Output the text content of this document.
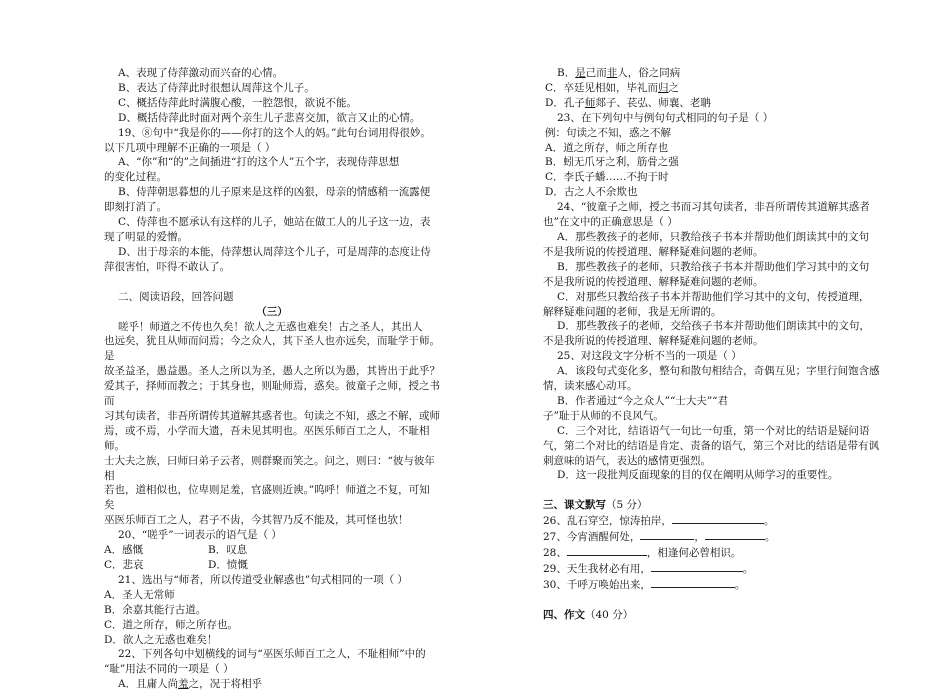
A、表现了侍萍激动而兴奋的心情。

B、表达了侍萍此时很想认周萍这个儿子。

C、概括侍萍此时满腹心酸，一腔怨恨，欲说不能。

D、概括侍萍此时面对两个亲生儿子悲喜交加，欲言又止的心情。

19、⑧句中“我是你的——你打的这个人的妈。”此句台词用得很妙。

以下几项中理解不正确的一项是（ ）

A、“你”和“的”之间插进“打的这个人”五个字，表现侍萍思想

的变化过程。

B、侍萍朝思暮想的儿子原来是这样的凶狠，母亲的情感稍一流露便

即刻打消了。

C、侍萍也不愿承认有这样的儿子，她站在做工人的儿子这一边，表

现了明显的爱憎。

D、出于母亲的本能，侍萍想认周萍这个儿子，可是周萍的态度让侍

萍很害怕，吓得不敢认了。

二、阅读语段，回答问题

（三）

嗟乎！师道之不传也久矣！欲人之无惑也难矣！古之圣人，其出人

也远矣，犹且从师而问焉；今之众人，其下圣人也亦远矣，而耻学于师。是

故圣益圣，愚益愚。圣人之所以为圣，愚人之所以为愚，其皆出于此乎？

爱其子，择师而教之；于其身也，则耻师焉，惑矣。彼童子之师，授之书而

习其句读者，非吾所谓传其道解其惑者也。句读之不知，惑之不解，或师

焉，或不焉，小学而大遗，吾未见其明也。巫医乐师百工之人，不耻相师。

士大夫之族，曰师曰弟子云者，则群聚而笑之。问之，则曰：“彼与彼年相

若也，道相似也，位卑则足羞，官盛则近谀。”呜呼！师道之不复，可知矣

巫医乐师百工之人，君子不齿，今其智乃反不能及，其可怪也欤！

20、“嗟乎”一词表示的语气是（ ）

A．感慨	B．叹息
C．悲哀	D．愤慨

21、选出与“师者，所以传道受业解惑也”句式相同的一项（ ）

A．圣人无常师

B．余嘉其能行古道。

C．道之所存，师之所存也。

D．欲人之无惑也难矣！

22、下列各句中划横线的词与“巫医乐师百工之人，不耻相师”中的

“耻”用法不同的一项是（ ）

A．且庸人尚羞之，况于将相乎

B．是己而非人，俗之同病

C．卒廷见相如，毕礼而归之

D．孔子师郯子、苌弘、师襄、老聃

23、在下列句中与例句句式相同的句子是（ ）

例：句读之不知，惑之不解

A．道之所存，师之所存也

B．蚓无爪牙之利，筋骨之强

C．李氏子蟠……不拘于时

D．古之人不余欺也

24、“彼童子之师，授之书而习其句读者，非吾所谓传其道解其惑者

也”在文中的正确意思是（ ）

A．那些教孩子的老师，只教给孩子书本并帮助他们朗读其中的文句

不是我所说的传授道理、解释疑难问题的老师。

B．那些教孩子的老师，只教给孩子书本并帮助他们学习其中的文句

不是我所说的传授道理、解释疑难问题的老师。

C．对那些只教给孩子书本并帮助他们学习其中的文句，传授道理，

解释疑难问题的老师，我是无所谓的。

D．那些教孩子的老师，交给孩子书本并帮助他们朗读其中的文句，

不是我所说的传授道理、解释疑难问题的老师。

25、对这段文字分析不当的一项是（ ）

A．该段句式变化多，整句和散句相结合，奇偶互见；字里行间饱含感

情，读来感心动耳。

B．作者通过“今之众人”“士大夫”“君

子”耻于从师的不良风气。

C．三个对比，结语语气一句比一句重，第一个对比的结语是疑问语

气，第二个对比的结语是肯定、责备的语气，第三个对比的结语是带有讽

刺意味的语气，表达的感情更强烈。

D．这一段批判反面现象的目的仅在阐明从师学习的重要性。

三、课文默写（5 分）

26、乱石穿空，惊涛拍岸，	。

27、今宵酒醒何处，	，	。

28、	，相逢何必曾相识。

29、天生我材必有用，	。

30、千呼万唤始出来，	。

四、作文（40 分）
